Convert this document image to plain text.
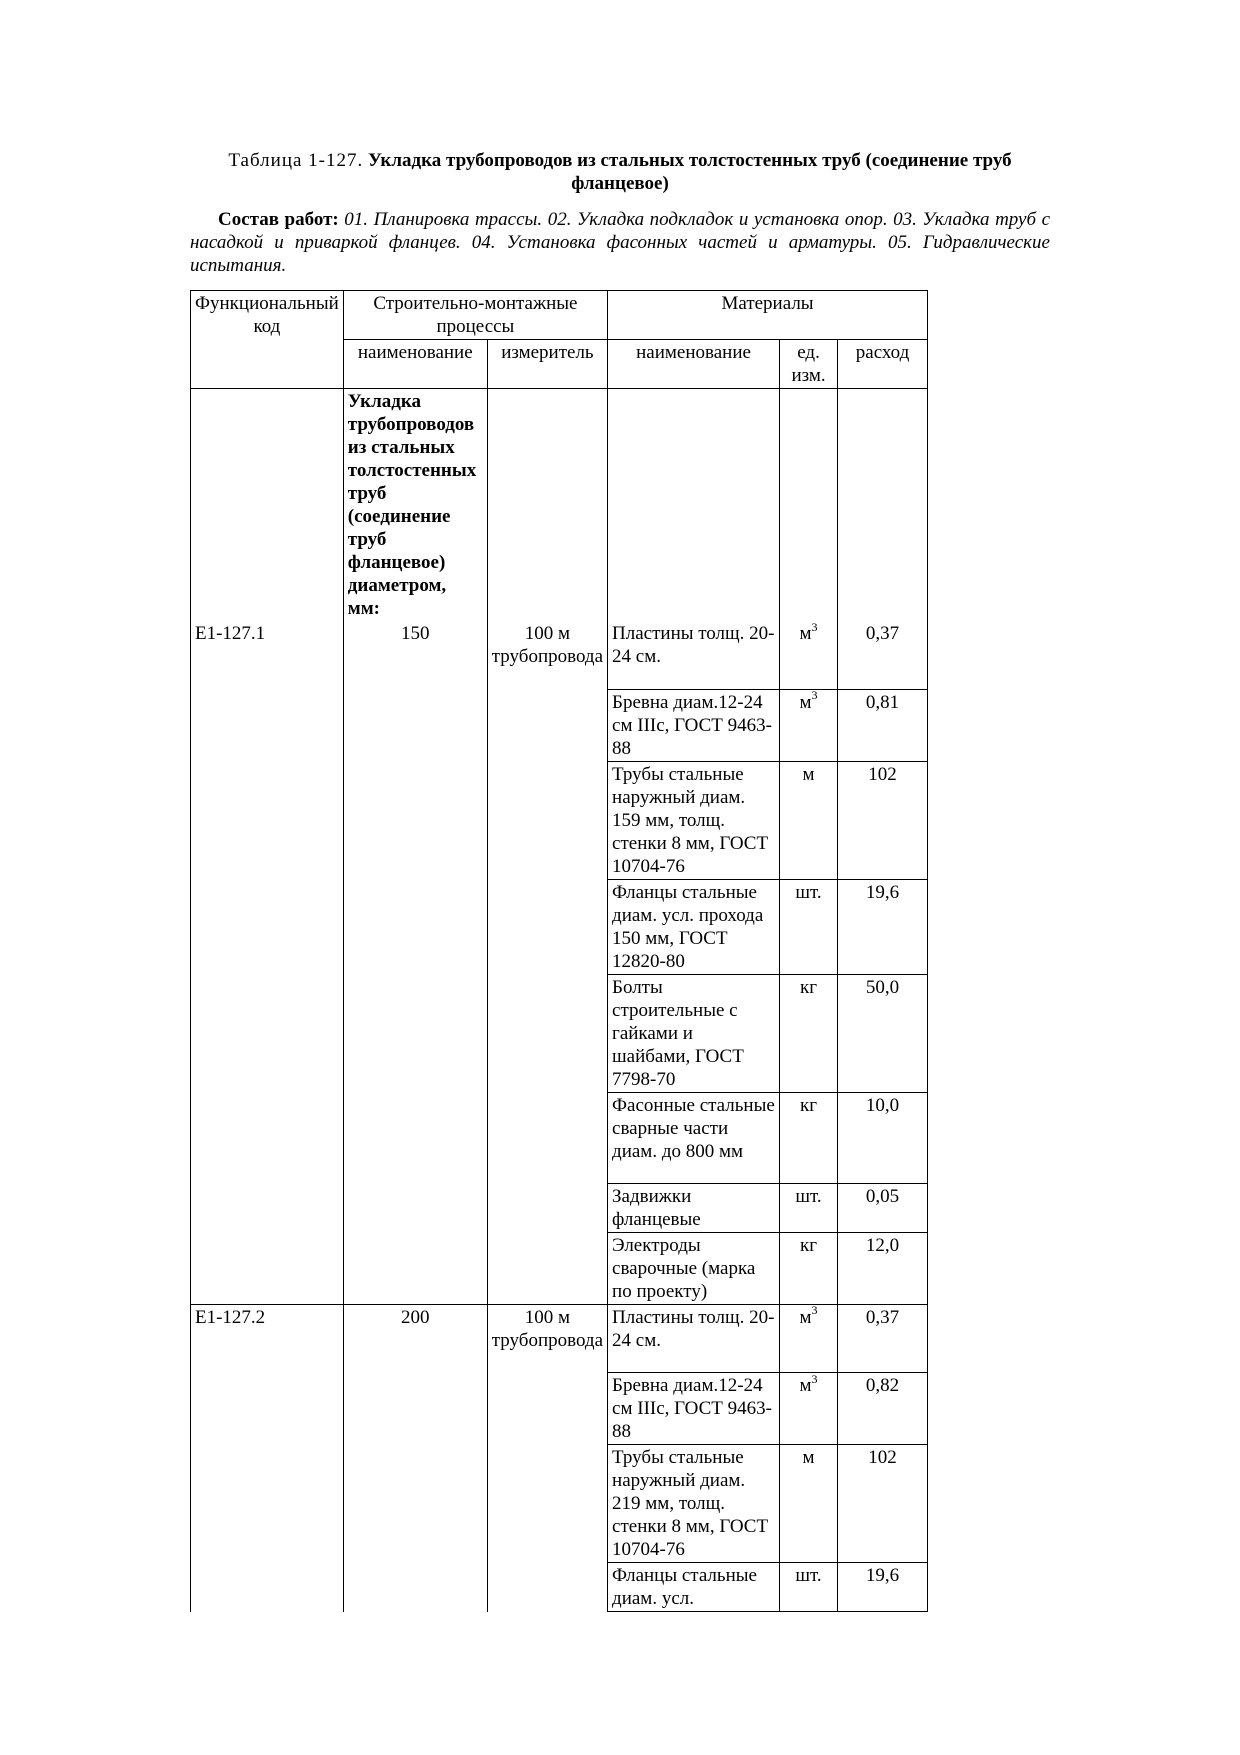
Таблица 1-127. Укладка трубопроводов из стальных толстостенных труб (соединение труб фланцевое)
Состав работ: 01. Планировка трассы. 02. Укладка подкладок и установка опор. 03. Укладка труб с насадкой и приваркой фланцев. 04. Установка фасонных частей и арматуры. 05. Гидравлические испытания.
Функциональный код	Строительно-монтажные процессы		Материалы		
	наименование	измеритель	наименование	ед. изм.	расход
	Укладка трубопроводов из стальных толстостенных труб (соединение труб фланцевое) диаметром, мм:				
Е1-127.1	150	100 м трубопровода	Пластины толщ. 20-24 см.	$м^3$	0,37
			Бревна диам.12-24 см IIIс, ГОСТ 9463-88	$м^3$	0,81
			Трубы стальные наружный диам. 159 мм, толщ. стенки 8 мм, ГОСТ 10704-76	м	102
			Фланцы стальные диам. усл. прохода 150 мм, ГОСТ 12820-80	шт.	19,6
			Болты строительные с гайками и шайбами, ГОСТ 7798-70	кг	50,0
			Фасонные стальные сварные части диам. до 800 мм	кг	10,0
			Задвижки фланцевые	шт.	0,05
			Электроды сварочные (марка по проекту)	кг	12,0
Е1-127.2	200	100 м трубопровода	Пластины толщ. 20-24 см.	$м^3$	0,37
			Бревна диам.12-24 см IIIс, ГОСТ 9463-88	$м^3$	0,82
			Трубы стальные наружный диам. 219 мм, толщ. стенки 8 мм, ГОСТ 10704-76	м	102
			Фланцы стальные диам. усл.	шт.	19,6
